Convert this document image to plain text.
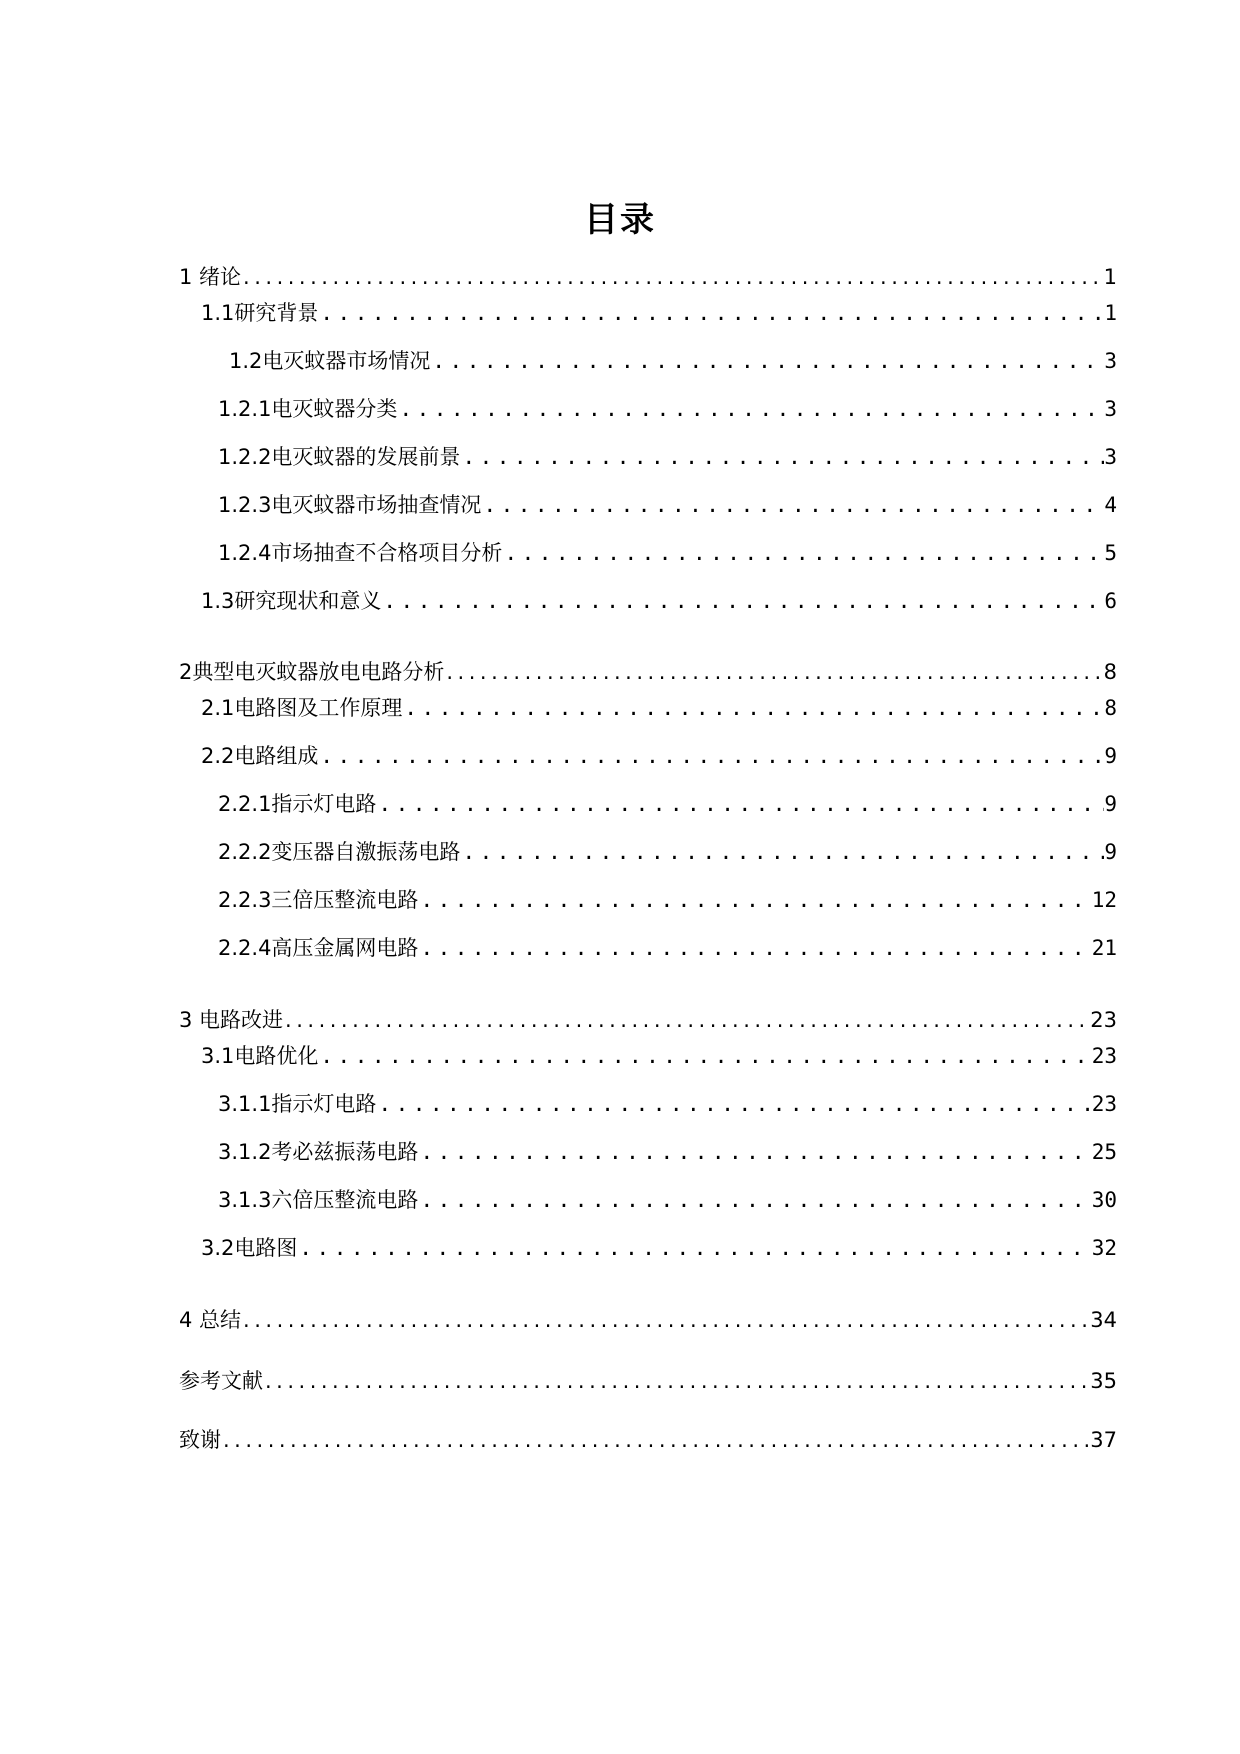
目录
1 绪论 .....	1
1.1研究背景 .....	1
1.2电灭蚊器市场情况 .....	3
1.2.1电灭蚊器分类 .....	3
1.2.2电灭蚊器的发展前景 .....	3
1.2.3电灭蚊器市场抽查情况 .....	4
1.2.4市场抽查不合格项目分析 .....	5
1.3研究现状和意义 .....	6
2典型电灭蚊器放电电路分析 .....	8
2.1电路图及工作原理 .....	8
2.2电路组成 .....	9
2.2.1指示灯电路 .....	9
2.2.2变压器自激振荡电路 .....	9
2.2.3三倍压整流电路 .....	12
2.2.4高压金属网电路 .....	21
3 电路改进 .....	23
3.1电路优化 .....	23
3.1.1指示灯电路 .....	23
3.1.2考必兹振荡电路 .....	25
3.1.3六倍压整流电路 .....	30
3.2电路图 .....	32
4 总结 .....	34
参考文献 .....	35
致谢 .....	37
